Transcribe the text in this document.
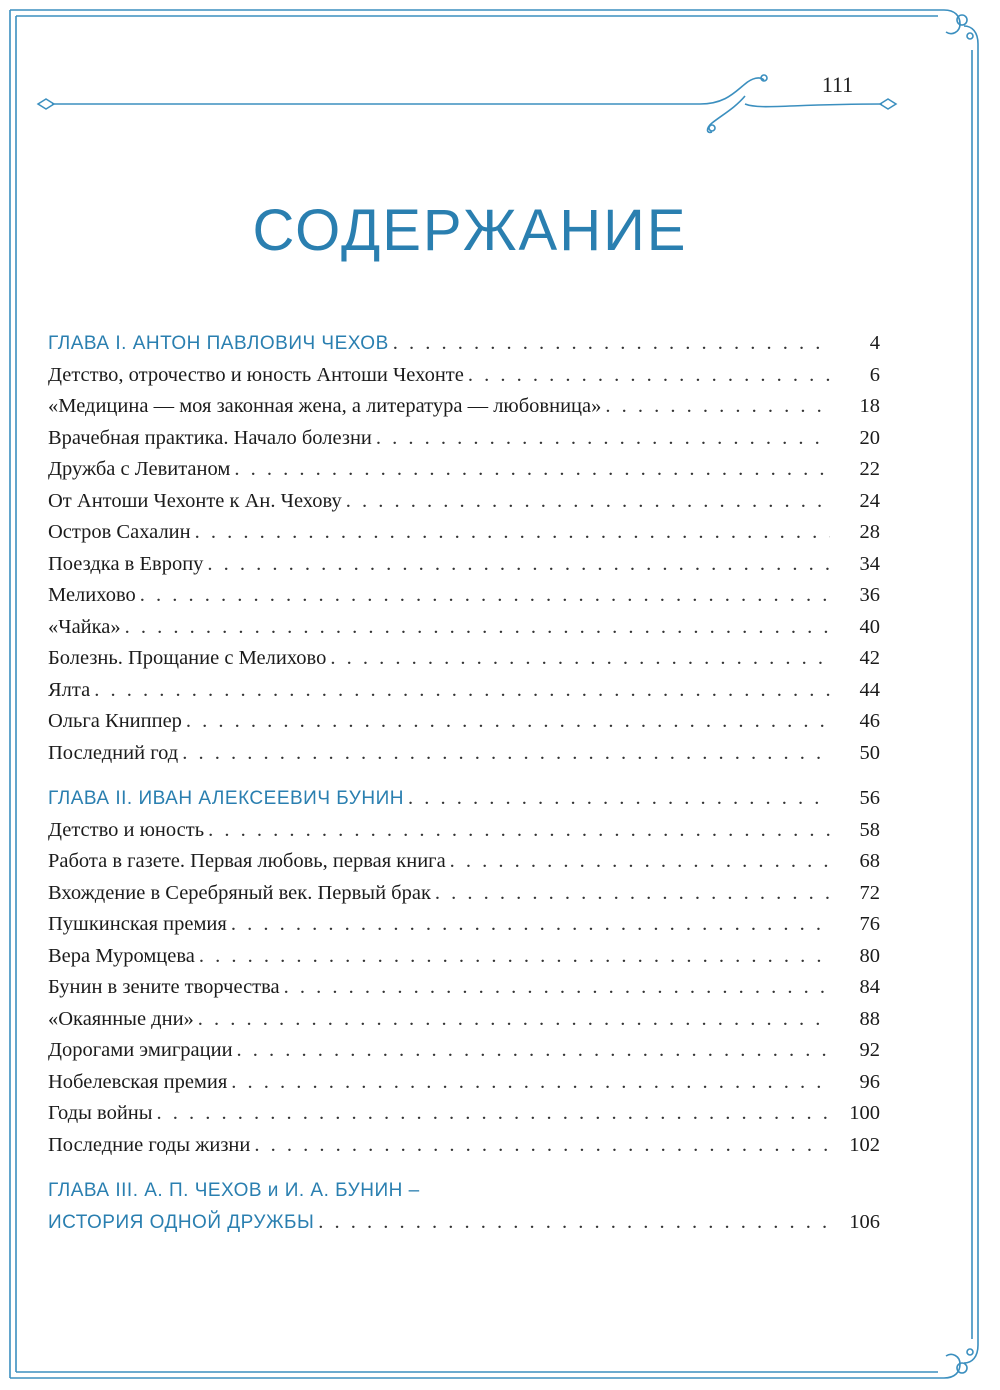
111
СОДЕРЖАНИЕ
ГЛАВА I. АНТОН ПАВЛОВИЧ ЧЕХОВ . . .	4
Детство, отрочество и юность Антоши Чехонте . . .	6
«Медицина — моя законная жена, а литература — любовница» . . .	18
Врачебная практика. Начало болезни . . .	20
Дружба с Левитаном . . .	22
От Антоши Чехонте к Ан. Чехову . . .	24
Остров Сахалин . . .	28
Поездка в Европу . . .	34
Мелихово . . .	36
«Чайка» . . .	40
Болезнь. Прощание с Мелихово . . .	42
Ялта . . .	44
Ольга Книппер . . .	46
Последний год . . .	50
ГЛАВА II. ИВАН АЛЕКСЕЕВИЧ БУНИН . . .	56
Детство и юность . . .	58
Работа в газете. Первая любовь, первая книга . . .	68
Вхождение в Серебряный век. Первый брак . . .	72
Пушкинская премия . . .	76
Вера Муромцева . . .	80
Бунин в зените творчества . . .	84
«Окаянные дни» . . .	88
Дорогами эмиграции . . .	92
Нобелевская премия . . .	96
Годы войны . . .	100
Последние годы жизни . . .	102
ГЛАВА III. А. П. ЧЕХОВ и И. А. БУНИН –
ИСТОРИЯ ОДНОЙ ДРУЖБЫ . . .	106
